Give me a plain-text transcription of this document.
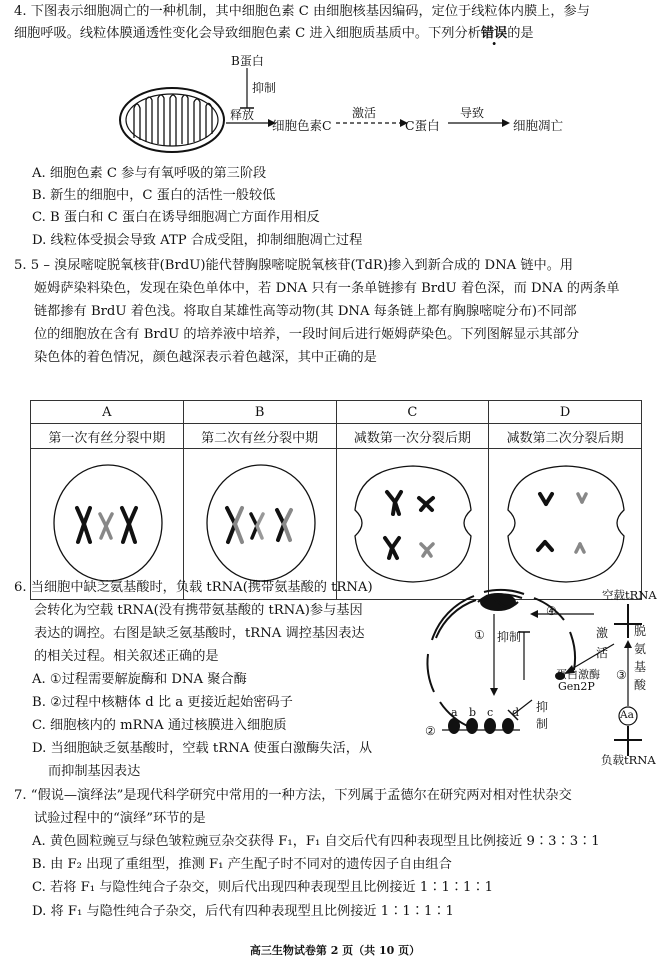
4. 下图表示细胞凋亡的一种机制，其中细胞色素 C 由细胞核基因编码，定位于线粒体内膜上，参与
细胞呼吸。线粒体膜通透性变化会导致细胞色素 C 进入细胞质基质中。下列分析错误的是
B蛋白
抑制
释放
细胞色素C
激活
C蛋白
导致
细胞凋亡
A. 细胞色素 C 参与有氧呼吸的第三阶段
B. 新生的细胞中，C 蛋白的活性一般较低
C. B 蛋白和 C 蛋白在诱导细胞凋亡方面作用相反
D. 线粒体受损会导致 ATP 合成受阻，抑制细胞凋亡过程
5. 5 – 溴尿嘧啶脱氧核苷(BrdU)能代替胸腺嘧啶脱氧核苷(TdR)掺入到新合成的 DNA 链中。用
姬姆萨染料染色，发现在染色单体中，若 DNA 只有一条单链掺有 BrdU 着色深，而 DNA 的两条单
链都掺有 BrdU 着色浅。将取自某雄性高等动物(其 DNA 每条链上都有胸腺嘧啶分布)不同部
位的细胞放在含有 BrdU 的培养液中培养，一段时间后进行姬姆萨染色。下列图解显示其部分
染色体的着色情况，颜色越深表示着色越深，其中正确的是
A	B	C	D
第一次有丝分裂中期	第二次有丝分裂中期	减数第一次分裂后期	减数第二次分裂后期

6. 当细胞中缺乏氨基酸时，负载 tRNA(携带氨基酸的 tRNA)
会转化为空载 tRNA(没有携带氨基酸的 tRNA)参与基因
表达的调控。右图是缺乏氨基酸时，tRNA 调控基因表达
的相关过程。相关叙述正确的是
A. ①过程需要解旋酶和 DNA 聚合酶
B. ②过程中核糖体 d 比 a 更接近起始密码子
C. 细胞核内的 mRNA 通过核膜进入细胞质
D. 当细胞缺乏氨基酸时，空载 tRNA 使蛋白激酶失活，从
而抑制基因表达
空载tRNA
负载tRNA
④
① 抑制	激
活
脱
氨
基
酸
③
蛋白激酶
Gen2P
抑
制
Aa
②
a b c d
7. “假说—演绎法”是现代科学研究中常用的一种方法，下列属于孟德尔在研究两对相对性状杂交
试验过程中的“演绎”环节的是
A. 黄色圆粒豌豆与绿色皱粒豌豆杂交获得 F₁，F₁ 自交后代有四种表现型且比例接近 9∶3∶3∶1
B. 由 F₂ 出现了重组型，推测 F₁ 产生配子时不同对的遗传因子自由组合
C. 若将 F₁ 与隐性纯合子杂交，则后代出现四种表现型且比例接近 1∶1∶1∶1
D. 将 F₁ 与隐性纯合子杂交，后代有四种表现型且比例接近 1∶1∶1∶1
高三生物试卷第 2 页（共 10 页）
